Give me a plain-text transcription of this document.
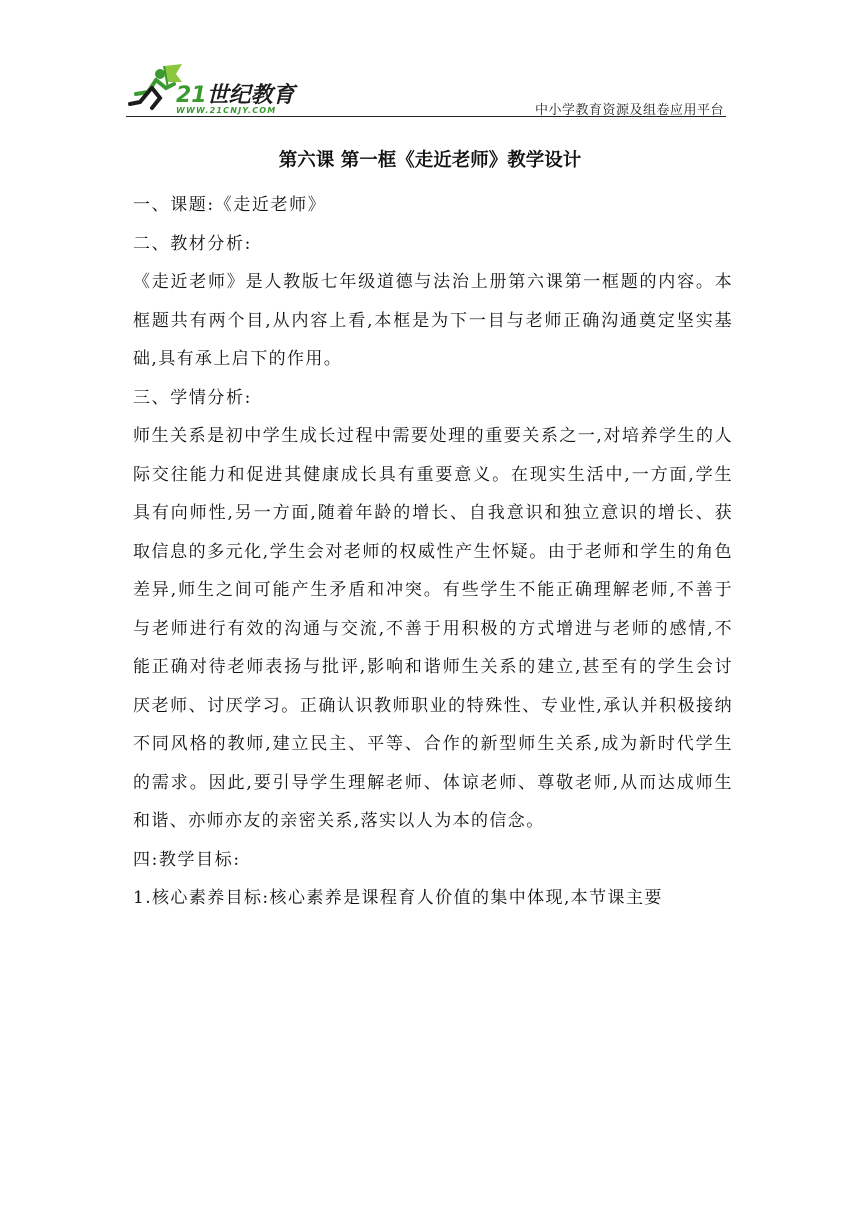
21世纪教育
WWW.21CNJY.COM	中小学教育资源及组卷应用平台
第六课 第一框《走近老师》教学设计

一、课题:《走近老师》

二、教材分析:

《走近老师》是人教版七年级道德与法治上册第六课第一框题的内容。本框题共有两个目,从内容上看,本框是为下一目与老师正确沟通奠定坚实基础,具有承上启下的作用。

三、学情分析:

师生关系是初中学生成长过程中需要处理的重要关系之一,对培养学生的人际交往能力和促进其健康成长具有重要意义。在现实生活中,一方面,学生具有向师性,另一方面,随着年龄的增长、自我意识和独立意识的增长、获取信息的多元化,学生会对老师的权威性产生怀疑。由于老师和学生的角色差异,师生之间可能产生矛盾和冲突。有些学生不能正确理解老师,不善于与老师进行有效的沟通与交流,不善于用积极的方式增进与老师的感情,不能正确对待老师表扬与批评,影响和谐师生关系的建立,甚至有的学生会讨厌老师、讨厌学习。正确认识教师职业的特殊性、专业性,承认并积极接纳不同风格的教师,建立民主、平等、合作的新型师生关系,成为新时代学生的需求。因此,要引导学生理解老师、体谅老师、尊敬老师,从而达成师生和谐、亦师亦友的亲密关系,落实以人为本的信念。

四:教学目标:

1.核心素养目标:核心素养是课程育人价值的集中体现,本节课主要
